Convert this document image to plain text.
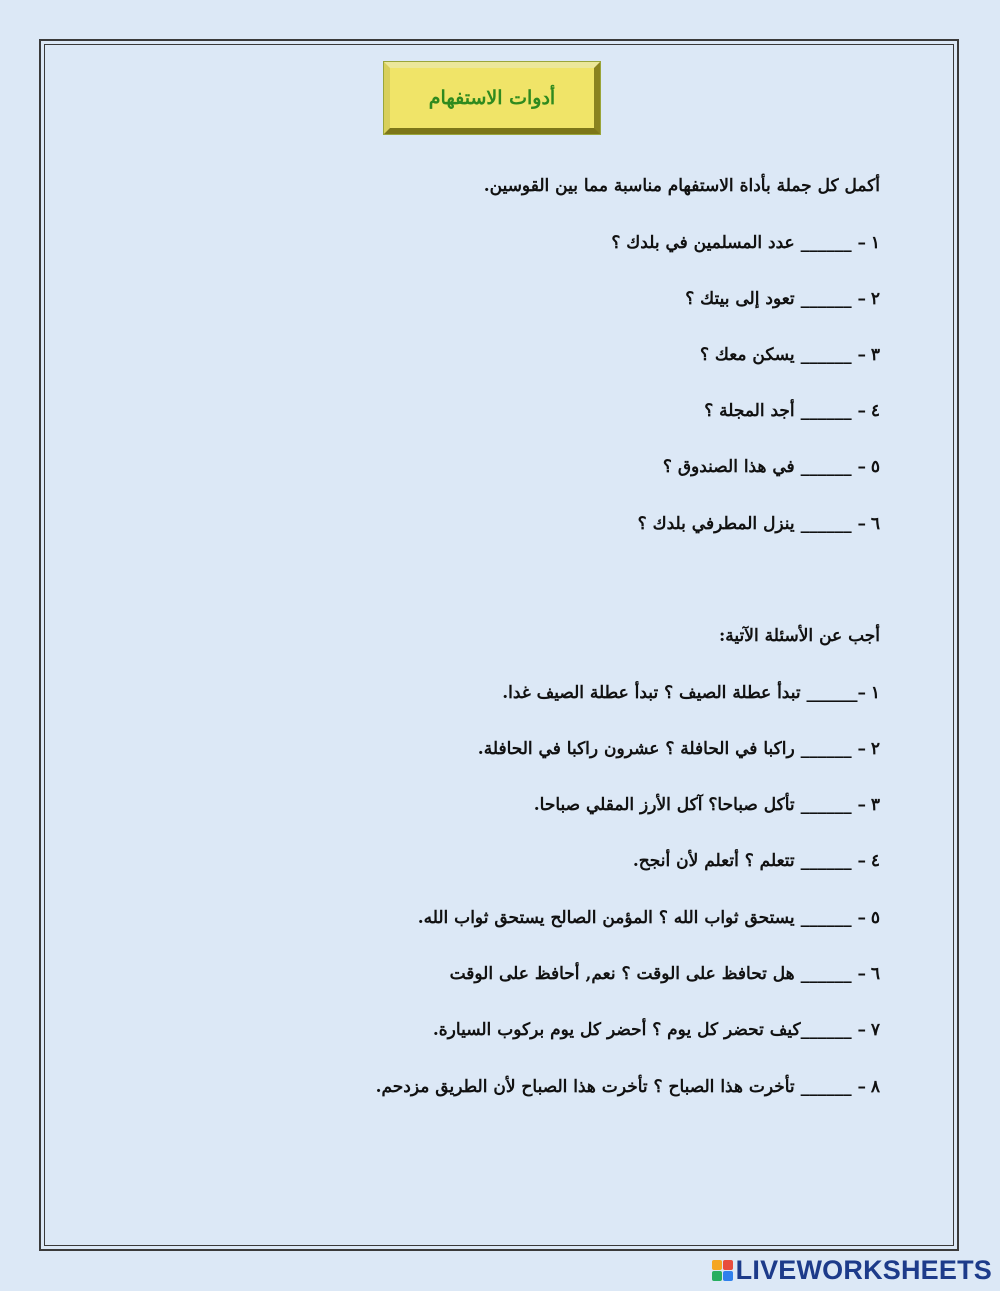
أدوات الاستفهام
أكمل كل جملة بأداة الاستفهام مناسبة مما بين القوسين.
١– ______ عدد المسلمين في بلدك ؟
٢– ______ تعود إلى بيتك ؟
٣– ______ يسكن معك ؟
٤– ______ أجد المجلة ؟
٥– ______ في هذا الصندوق ؟
٦– ______ ينزل المطرفي بلدك ؟
أجب عن الأسئلة الآتية:
١–______ تبدأ عطلة الصيف ؟ تبدأ عطلة الصيف غدا.
٢– ______ راكبا في الحافلة ؟ عشرون راكبا في الحافلة.
٣– ______ تأكل صباحا؟ آكل الأرز المقلي صباحا.
٤– ______ تتعلم ؟ أتعلم لأن أنجح.
٥– ______ يستحق ثواب الله ؟ المؤمن الصالح يستحق ثواب الله.
٦– ______ هل تحافظ على الوقت ؟ نعم, أحافظ على الوقت
٧– ______كيف تحضر كل يوم ؟ أحضر كل يوم بركوب السيارة.
٨– ______ تأخرت هذا الصباح ؟ تأخرت هذا الصباح لأن الطريق مزدحم.
LIVEWORKSHEETS
